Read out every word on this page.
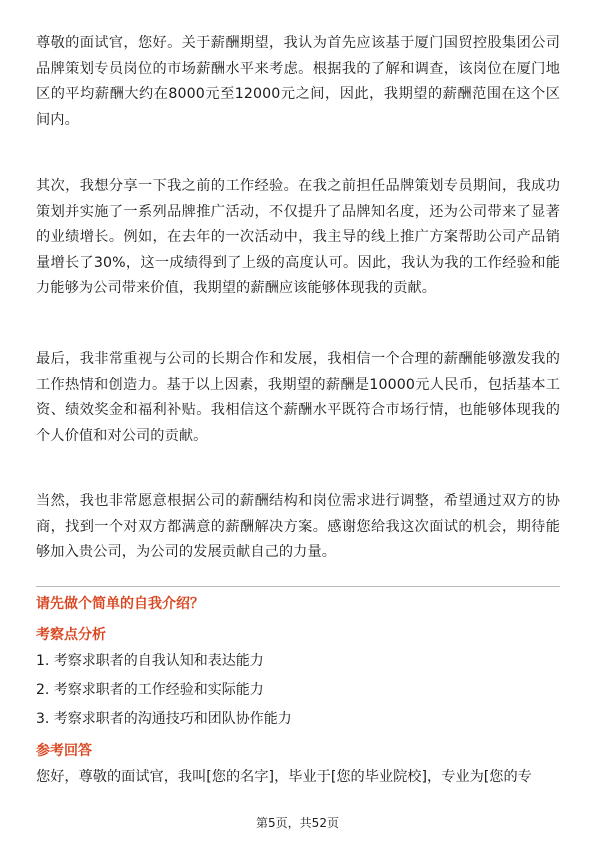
尊敬的面试官，您好。关于薪酬期望，我认为首先应该基于厦门国贸控股集团公司品牌策划专员岗位的市场薪酬水平来考虑。根据我的了解和调查，该岗位在厦门地区的平均薪酬大约在8000元至12000元之间，因此，我期望的薪酬范围在这个区间内。

其次，我想分享一下我之前的工作经验。在我之前担任品牌策划专员期间，我成功策划并实施了一系列品牌推广活动，不仅提升了品牌知名度，还为公司带来了显著的业绩增长。例如，在去年的一次活动中，我主导的线上推广方案帮助公司产品销量增长了30%，这一成绩得到了上级的高度认可。因此，我认为我的工作经验和能力能够为公司带来价值，我期望的薪酬应该能够体现我的贡献。

最后，我非常重视与公司的长期合作和发展，我相信一个合理的薪酬能够激发我的工作热情和创造力。基于以上因素，我期望的薪酬是10000元人民币，包括基本工资、绩效奖金和福利补贴。我相信这个薪酬水平既符合市场行情，也能够体现我的个人价值和对公司的贡献。

当然，我也非常愿意根据公司的薪酬结构和岗位需求进行调整，希望通过双方的协商，找到一个对双方都满意的薪酬解决方案。感谢您给我这次面试的机会，期待能够加入贵公司，为公司的发展贡献自己的力量。

请先做个简单的自我介绍？

考察点分析

1. 考察求职者的自我认知和表达能力
2. 考察求职者的工作经验和实际能力
3. 考察求职者的沟通技巧和团队协作能力

参考回答

您好，尊敬的面试官，我叫[您的名字]，毕业于[您的毕业院校]，专业为[您的专

第5页，共52页
